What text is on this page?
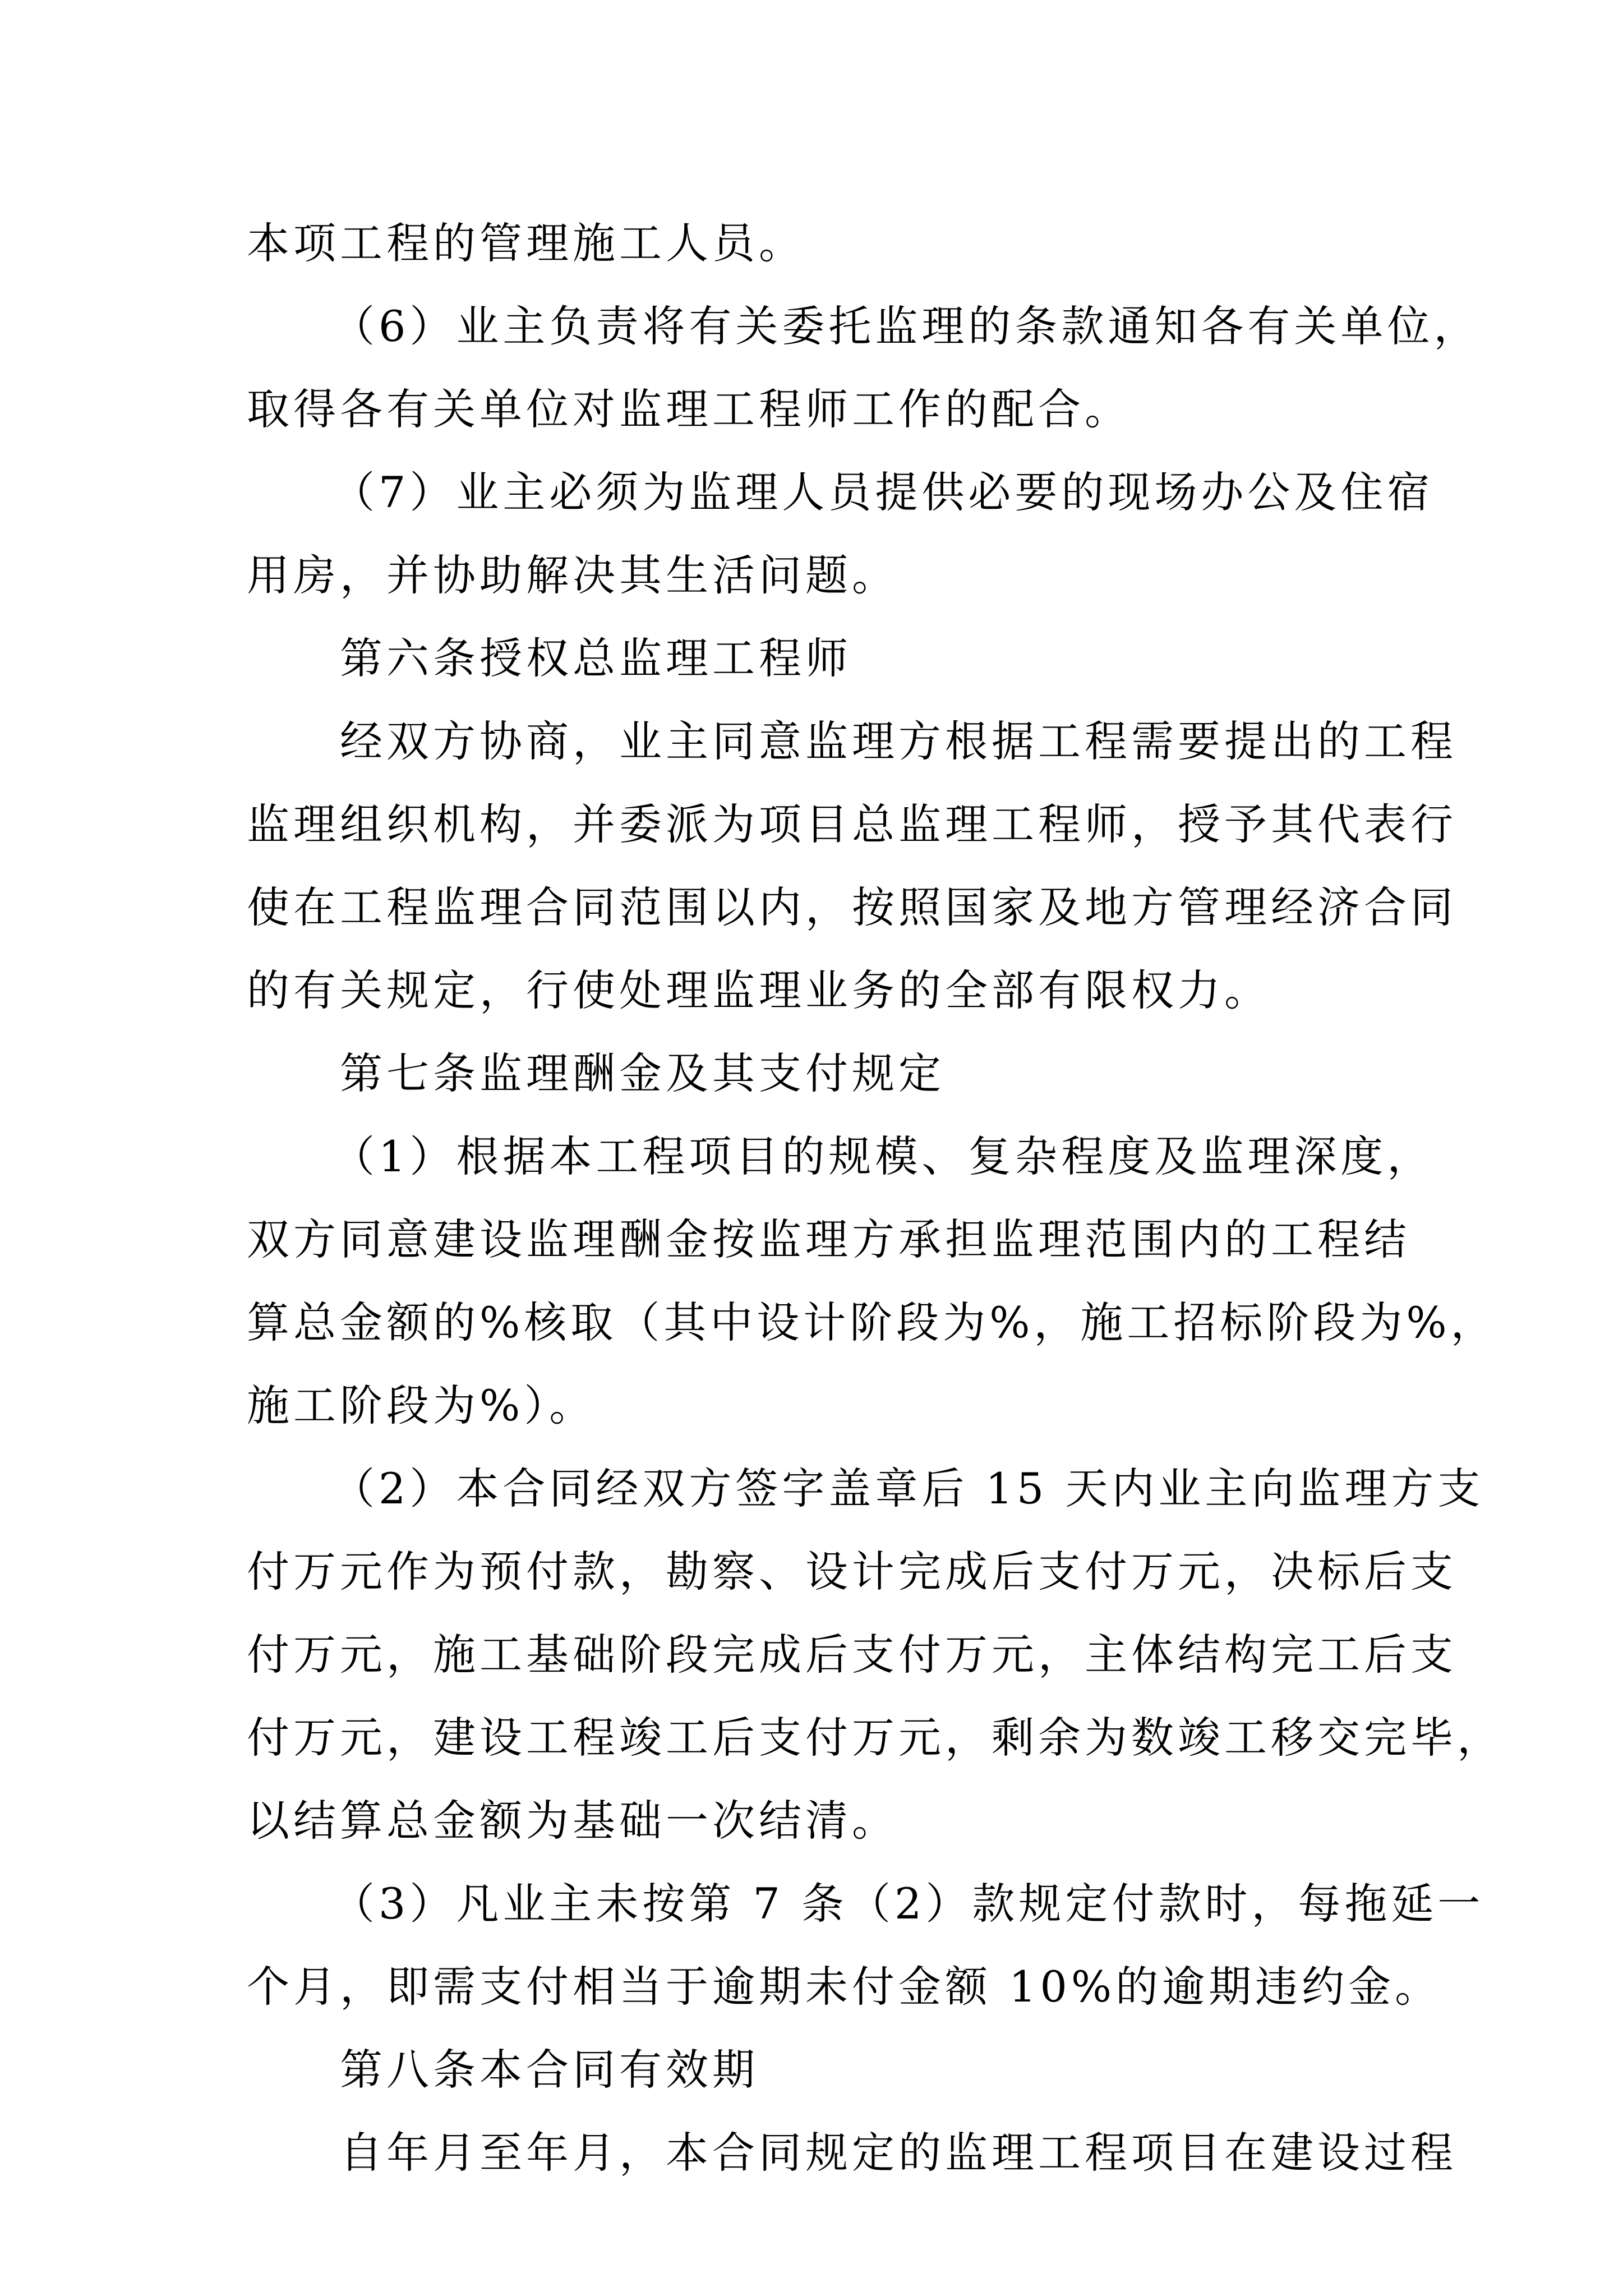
本项工程的管理施工人员。
（6）业主负责将有关委托监理的条款通知各有关单位，
取得各有关单位对监理工程师工作的配合。
（7）业主必须为监理人员提供必要的现场办公及住宿
用房，并协助解决其生活问题。
第六条授权总监理工程师
经双方协商，业主同意监理方根据工程需要提出的工程
监理组织机构，并委派为项目总监理工程师，授予其代表行
使在工程监理合同范围以内，按照国家及地方管理经济合同
的有关规定，行使处理监理业务的全部有限权力。
第七条监理酬金及其支付规定
（1）根据本工程项目的规模、复杂程度及监理深度，
双方同意建设监理酬金按监理方承担监理范围内的工程结
算总金额的%核取（其中设计阶段为%，施工招标阶段为%，
施工阶段为%）。
（2）本合同经双方签字盖章后 15 天内业主向监理方支
付万元作为预付款，勘察、设计完成后支付万元，决标后支
付万元，施工基础阶段完成后支付万元，主体结构完工后支
付万元，建设工程竣工后支付万元，剩余为数竣工移交完毕，
以结算总金额为基础一次结清。
（3）凡业主未按第 7 条（2）款规定付款时，每拖延一
个月，即需支付相当于逾期未付金额 10%的逾期违约金。
第八条本合同有效期
自年月至年月，本合同规定的监理工程项目在建设过程
